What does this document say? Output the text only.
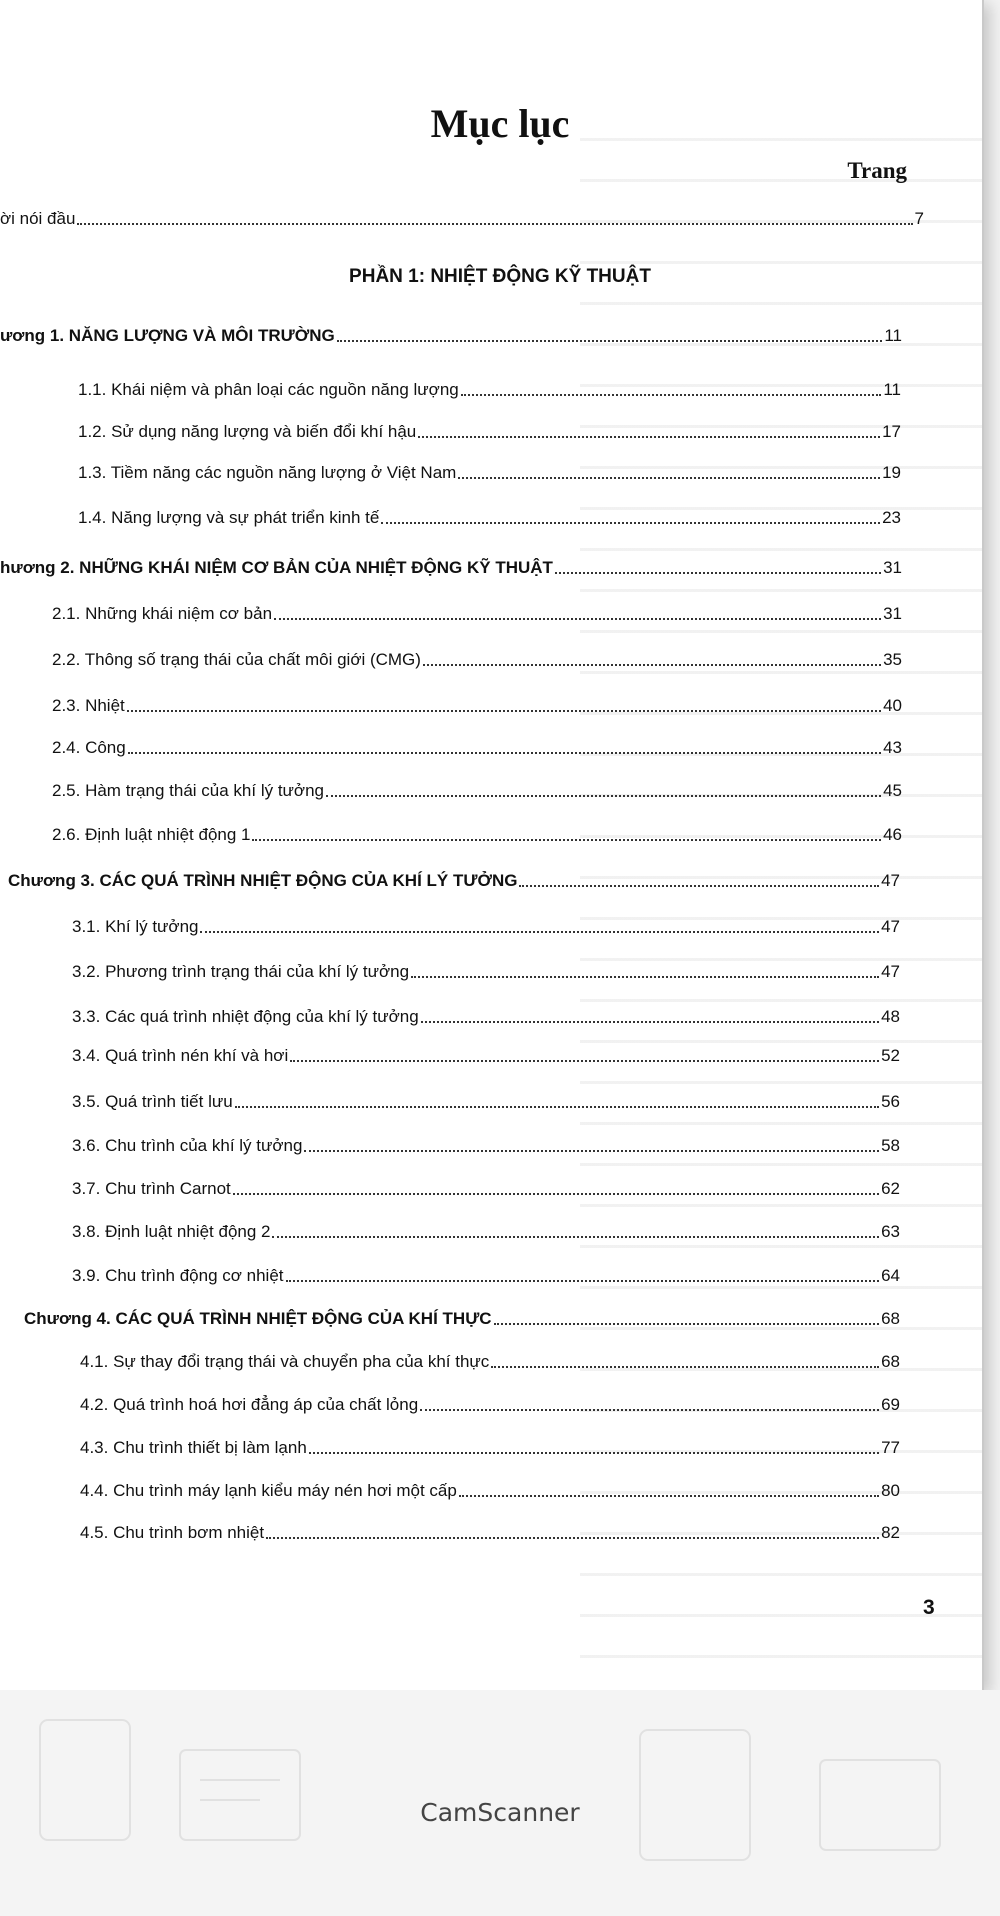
Mục lục
Trang
ời nói đầu	7
PHẦN 1: NHIỆT ĐỘNG KỸ THUẬT
ương 1. NĂNG LƯỢNG VÀ MÔI TRƯỜNG	11
1.1. Khái niệm và phân loại các nguồn năng lượng	11
1.2. Sử dụng năng lượng và biến đổi khí hậu	17
1.3. Tiềm năng các nguồn năng lượng ở Việt Nam	19
1.4. Năng lượng và sự phát triển kinh tế	23
hương 2. NHỮNG KHÁI NIỆM CƠ BẢN CỦA NHIỆT ĐỘNG KỸ THUẬT	31
2.1. Những khái niệm cơ bản	31
2.2. Thông số trạng thái của chất môi giới (CMG)	35
2.3. Nhiệt	40
2.4. Công	43
2.5. Hàm trạng thái của khí lý tưởng	45
2.6. Định luật nhiệt động 1	46
Chương 3. CÁC QUÁ TRÌNH NHIỆT ĐỘNG CỦA KHÍ LÝ TƯỞNG	47
3.1. Khí lý tưởng	47
3.2. Phương trình trạng thái của khí lý tưởng	47
3.3. Các quá trình nhiệt động của khí lý tưởng	48
3.4. Quá trình nén khí và hơi	52
3.5. Quá trình tiết lưu	56
3.6. Chu trình của khí lý tưởng	58
3.7. Chu trình Carnot	62
3.8. Định luật nhiệt động 2	63
3.9. Chu trình động cơ nhiệt	64
Chương 4. CÁC QUÁ TRÌNH NHIỆT ĐỘNG CỦA KHÍ THỰC	68
4.1. Sự thay đổi trạng thái và chuyển pha của khí thực	68
4.2. Quá trình hoá hơi đẳng áp của chất lỏng	69
4.3. Chu trình thiết bị làm lạnh	77
4.4. Chu trình máy lạnh kiểu máy nén hơi một cấp	80
4.5. Chu trình bơm nhiệt	82
3
CamScanner
